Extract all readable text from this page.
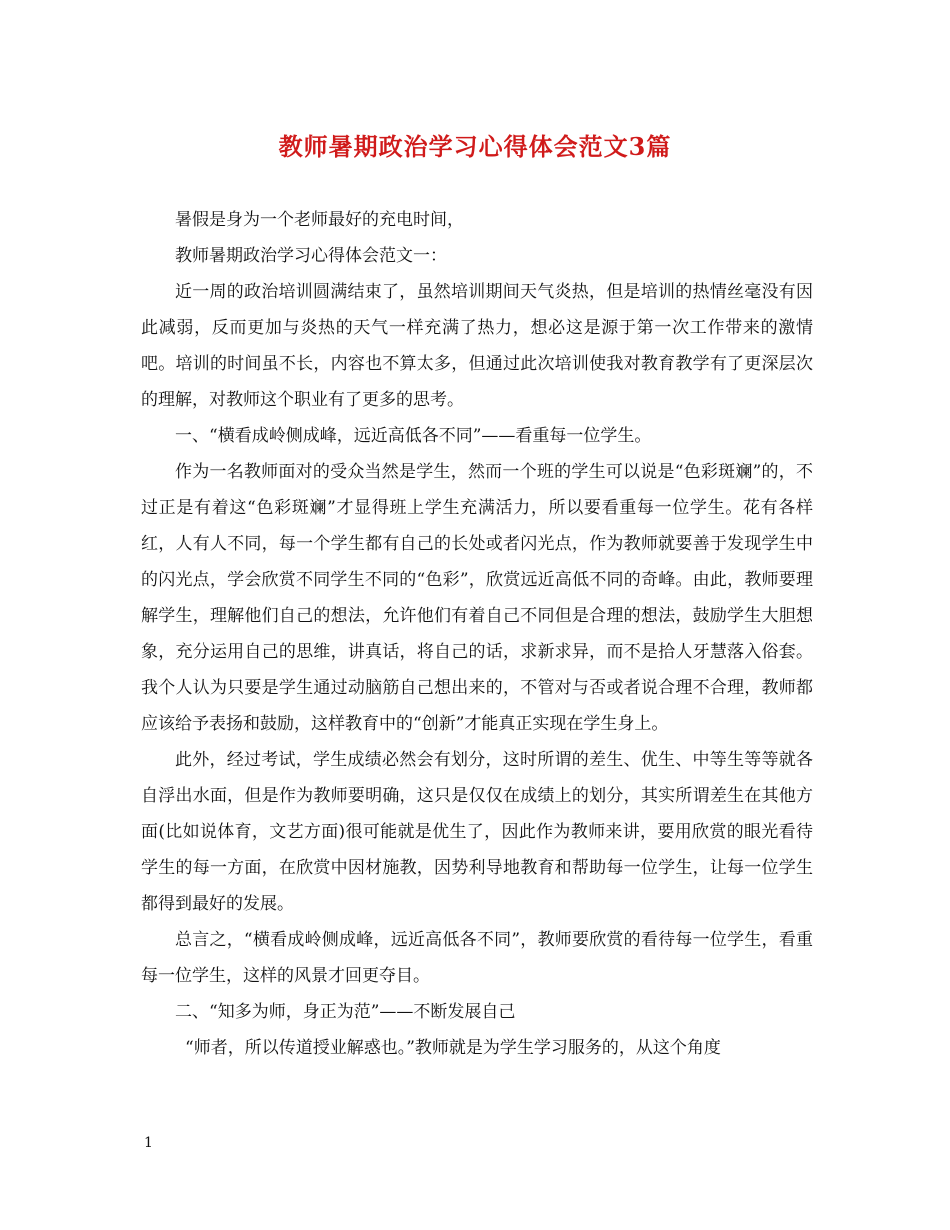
教师暑期政治学习心得体会范文3篇

暑假是身为一个老师最好的充电时间，

教师暑期政治学习心得体会范文一：

近一周的政治培训圆满结束了，虽然培训期间天气炎热，但是培训的热情丝毫没有因此减弱，反而更加与炎热的天气一样充满了热力，想必这是源于第一次工作带来的激情吧。培训的时间虽不长，内容也不算太多，但通过此次培训使我对教育教学有了更深层次的理解，对教师这个职业有了更多的思考。

一、“横看成岭侧成峰，远近高低各不同”——看重每一位学生。

作为一名教师面对的受众当然是学生，然而一个班的学生可以说是“色彩斑斓”的，不过正是有着这“色彩斑斓”才显得班上学生充满活力，所以要看重每一位学生。花有各样红，人有人不同，每一个学生都有自己的长处或者闪光点，作为教师就要善于发现学生中的闪光点，学会欣赏不同学生不同的“色彩”，欣赏远近高低不同的奇峰。由此，教师要理解学生，理解他们自己的想法，允许他们有着自己不同但是合理的想法，鼓励学生大胆想象，充分运用自己的思维，讲真话，将自己的话，求新求异，而不是拾人牙慧落入俗套。我个人认为只要是学生通过动脑筋自己想出来的，不管对与否或者说合理不合理，教师都应该给予表扬和鼓励，这样教育中的“创新”才能真正实现在学生身上。

此外，经过考试，学生成绩必然会有划分，这时所谓的差生、优生、中等生等等就各自浮出水面，但是作为教师要明确，这只是仅仅在成绩上的划分，其实所谓差生在其他方面(比如说体育，文艺方面)很可能就是优生了，因此作为教师来讲，要用欣赏的眼光看待学生的每一方面，在欣赏中因材施教，因势利导地教育和帮助每一位学生，让每一位学生都得到最好的发展。

总言之，“横看成岭侧成峰，远近高低各不同”，教师要欣赏的看待每一位学生，看重每一位学生，这样的风景才回更夺目。

二、“知多为师，身正为范”——不断发展自己

“师者，所以传道授业解惑也。”教师就是为学生学习服务的，从这个角度

1
